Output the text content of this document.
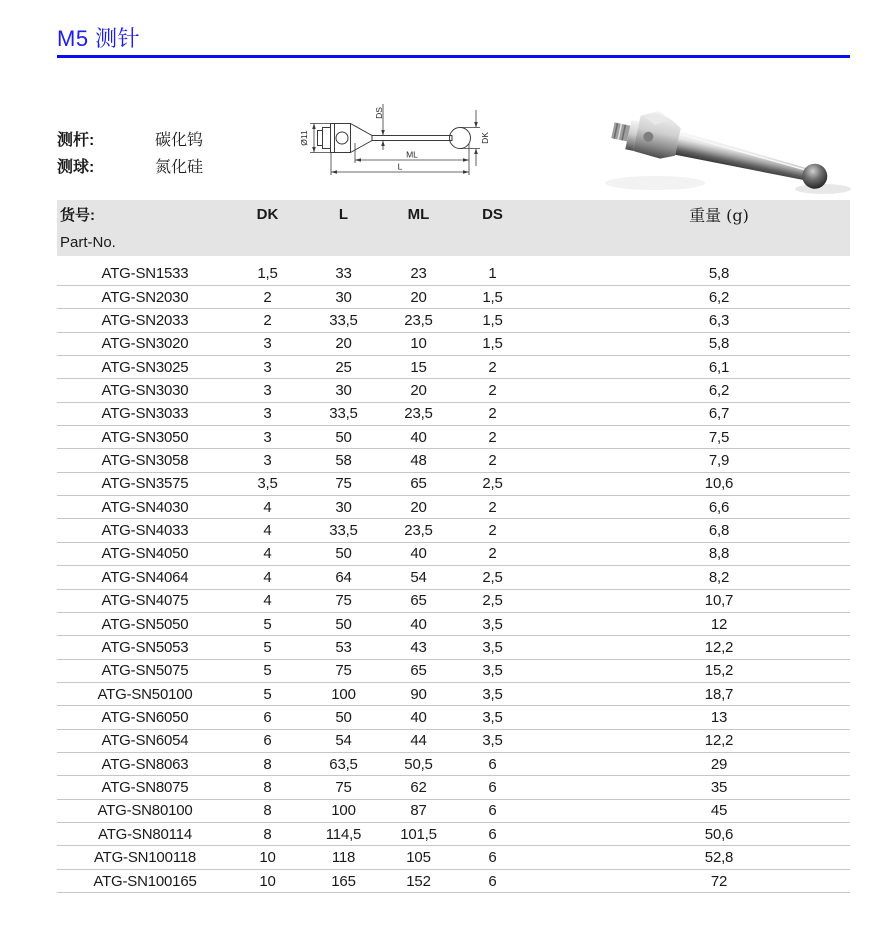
M5 测针
测杆:	碳化钨
测球:	氮化硅
Ø11
DS
DK
ML
L
货号:	DK	L	ML	DS	重量 (g)
Part-No.					

ATG-SN1533	1,5	33	23	1	5,8
ATG-SN2030	2	30	20	1,5	6,2
ATG-SN2033	2	33,5	23,5	1,5	6,3
ATG-SN3020	3	20	10	1,5	5,8
ATG-SN3025	3	25	15	2	6,1
ATG-SN3030	3	30	20	2	6,2
ATG-SN3033	3	33,5	23,5	2	6,7
ATG-SN3050	3	50	40	2	7,5
ATG-SN3058	3	58	48	2	7,9
ATG-SN3575	3,5	75	65	2,5	10,6
ATG-SN4030	4	30	20	2	6,6
ATG-SN4033	4	33,5	23,5	2	6,8
ATG-SN4050	4	50	40	2	8,8
ATG-SN4064	4	64	54	2,5	8,2
ATG-SN4075	4	75	65	2,5	10,7
ATG-SN5050	5	50	40	3,5	12
ATG-SN5053	5	53	43	3,5	12,2
ATG-SN5075	5	75	65	3,5	15,2
ATG-SN50100	5	100	90	3,5	18,7
ATG-SN6050	6	50	40	3,5	13
ATG-SN6054	6	54	44	3,5	12,2
ATG-SN8063	8	63,5	50,5	6	29
ATG-SN8075	8	75	62	6	35
ATG-SN80100	8	100	87	6	45
ATG-SN80114	8	114,5	101,5	6	50,6
ATG-SN100118	10	118	105	6	52,8
ATG-SN100165	10	165	152	6	72
